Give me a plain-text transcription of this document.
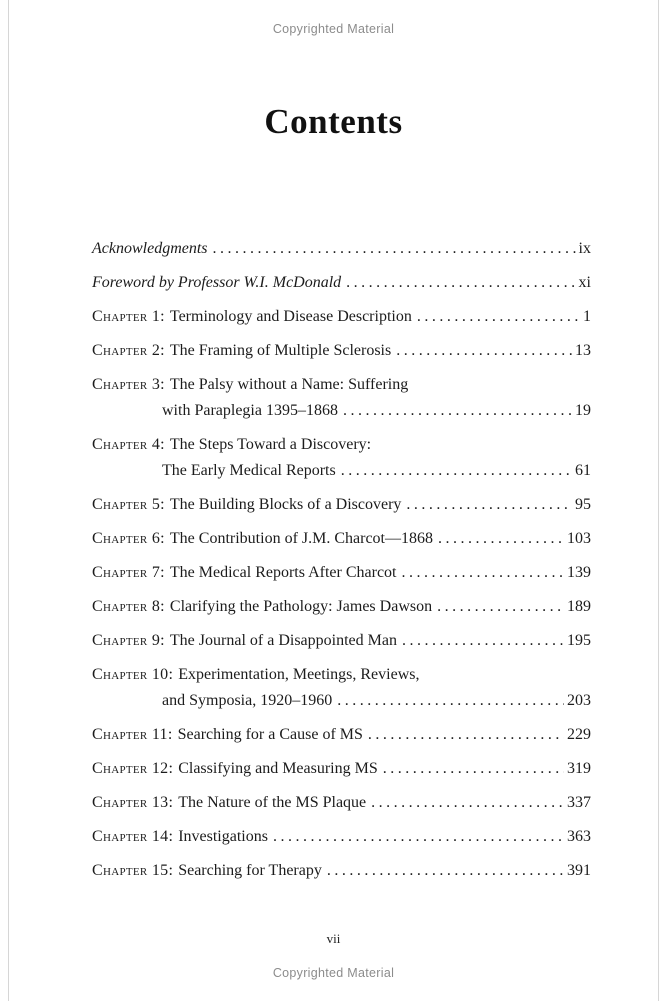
Copyrighted Material
Contents
Acknowledgments .....	ix
Foreword by Professor W.I. McDonald .....	xi
Chapter 1: Terminology and Disease Description .....	1
Chapter 2: The Framing of Multiple Sclerosis .....	13
Chapter 3: The Palsy without a Name: Suffering
with Paraplegia 1395–1868 .....	19
Chapter 4: The Steps Toward a Discovery:
The Early Medical Reports .....	61
Chapter 5: The Building Blocks of a Discovery .....	95
Chapter 6: The Contribution of J.M. Charcot—1868 .....	103
Chapter 7: The Medical Reports After Charcot .....	139
Chapter 8: Clarifying the Pathology: James Dawson .....	189
Chapter 9: The Journal of a Disappointed Man .....	195
Chapter 10: Experimentation, Meetings, Reviews,
and Symposia, 1920–1960 .....	203
Chapter 11: Searching for a Cause of MS .....	229
Chapter 12: Classifying and Measuring MS .....	319
Chapter 13: The Nature of the MS Plaque .....	337
Chapter 14: Investigations .....	363
Chapter 15: Searching for Therapy .....	391
vii
Copyrighted Material
